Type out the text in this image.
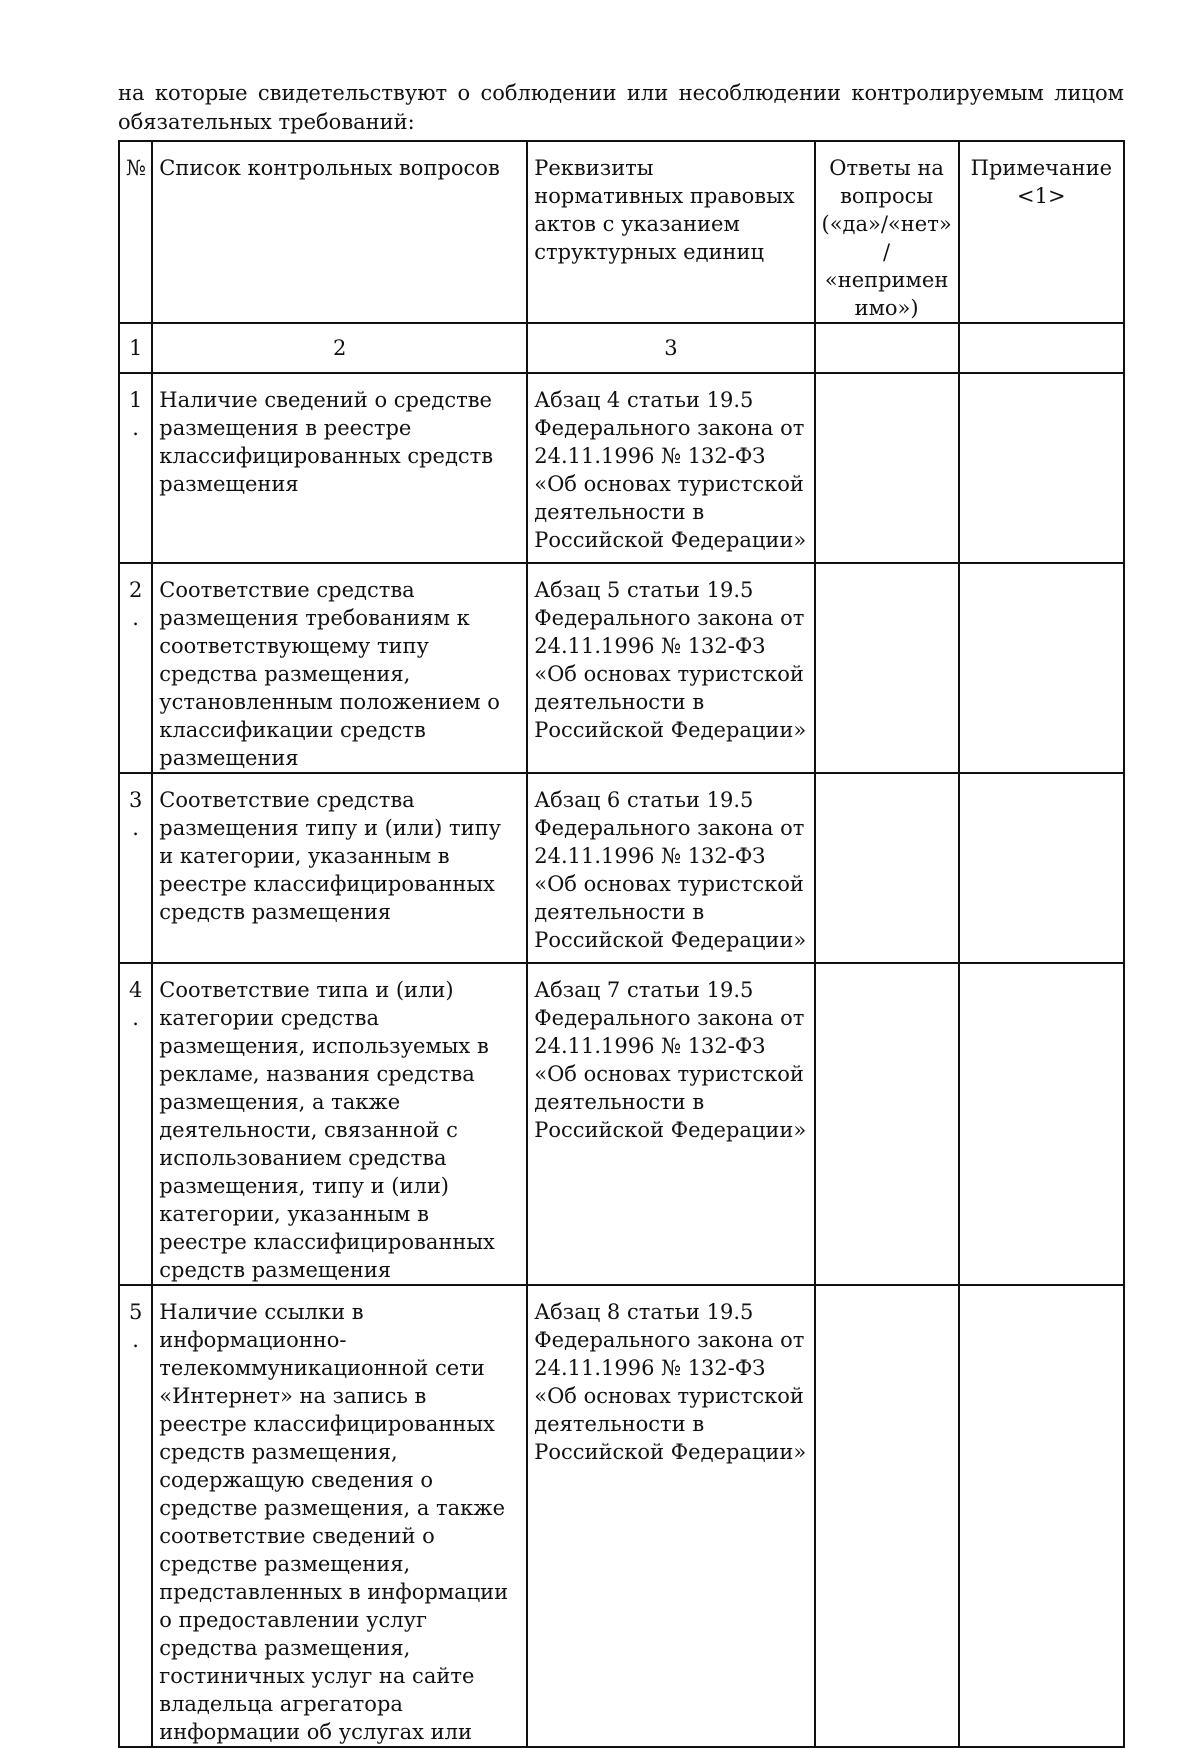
на которые свидетельствуют о соблюдении или несоблюдении контролируемым лицом обязательных требований:

№	Список контрольных вопросов	Реквизиты нормативных правовых актов с указанием структурных единиц	Ответы на вопросы («да»/«нет»/ «неприменимо»)	Примечание <1>
1	2	3		
1.	Наличие сведений о средстве размещения в реестре классифицированных средств размещения	Абзац 4 статьи 19.5 Федерального закона от 24.11.1996 № 132-ФЗ «Об основах туристской деятельности в Российской Федерации»		
2.	Соответствие средства размещения требованиям к соответствующему типу средства размещения, установленным положением о классификации средств размещения	Абзац 5 статьи 19.5 Федерального закона от 24.11.1996 № 132-ФЗ «Об основах туристской деятельности в Российской Федерации»		
3.	Соответствие средства размещения типу и (или) типу и категории, указанным в реестре классифицированных средств размещения	Абзац 6 статьи 19.5 Федерального закона от 24.11.1996 № 132-ФЗ «Об основах туристской деятельности в Российской Федерации»		
4.	Соответствие типа и (или) категории средства размещения, используемых в рекламе, названия средства размещения, а также деятельности, связанной с использованием средства размещения, типу и (или) категории, указанным в реестре классифицированных средств размещения	Абзац 7 статьи 19.5 Федерального закона от 24.11.1996 № 132-ФЗ «Об основах туристской деятельности в Российской Федерации»		
5.	Наличие ссылки в информационно-телекоммуникационной сети «Интернет» на запись в реестре классифицированных средств размещения, содержащую сведения о средстве размещения, а также соответствие сведений о средстве размещения, представленных в информации о предоставлении услуг средства размещения, гостиничных услуг на сайте владельца агрегатора информации об услугах или	Абзац 8 статьи 19.5 Федерального закона от 24.11.1996 № 132-ФЗ «Об основах туристской деятельности в Российской Федерации»		
